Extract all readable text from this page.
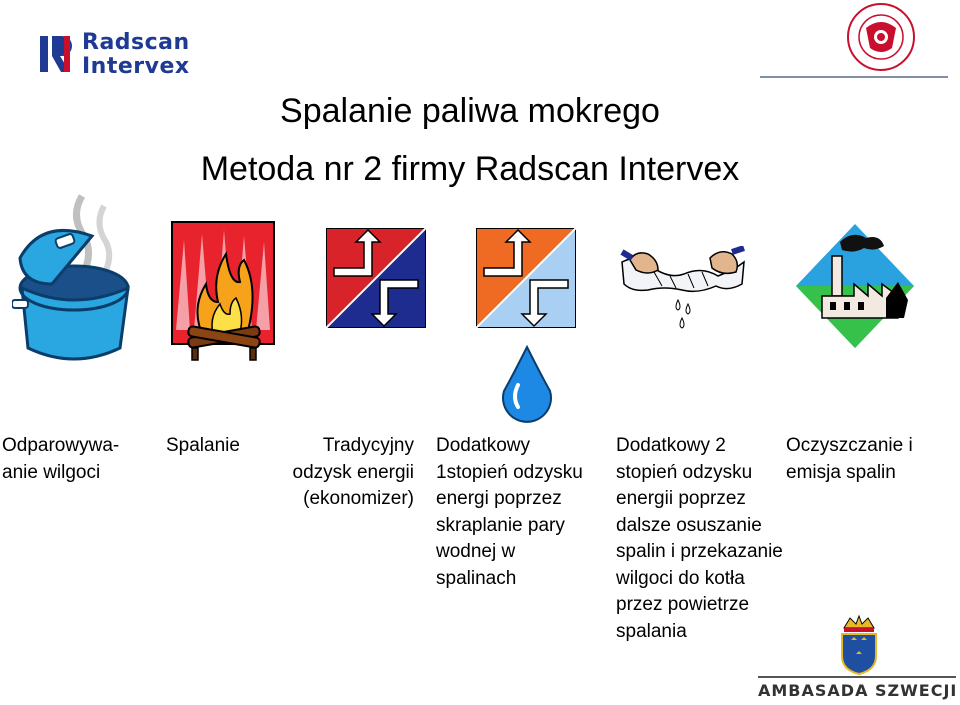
Radscan
Intervex
Spalanie paliwa mokrego
Metoda nr 2 firmy Radscan Intervex
Odparowywa-
anie wilgoci
Spalanie	Tradycyjny
odzysk energii
(ekonomizer)
Dodatkowy
1stopień odzysku
energi poprzez
skraplanie pary
wodnej w
spalinach
Dodatkowy 2
stopień odzysku
energii poprzez
dalsze osuszanie
spalin i przekazanie
wilgoci do kotła
przez powietrze
spalania
Oczyszczanie i
emisja spalin
AMBASADA SZWECJI
